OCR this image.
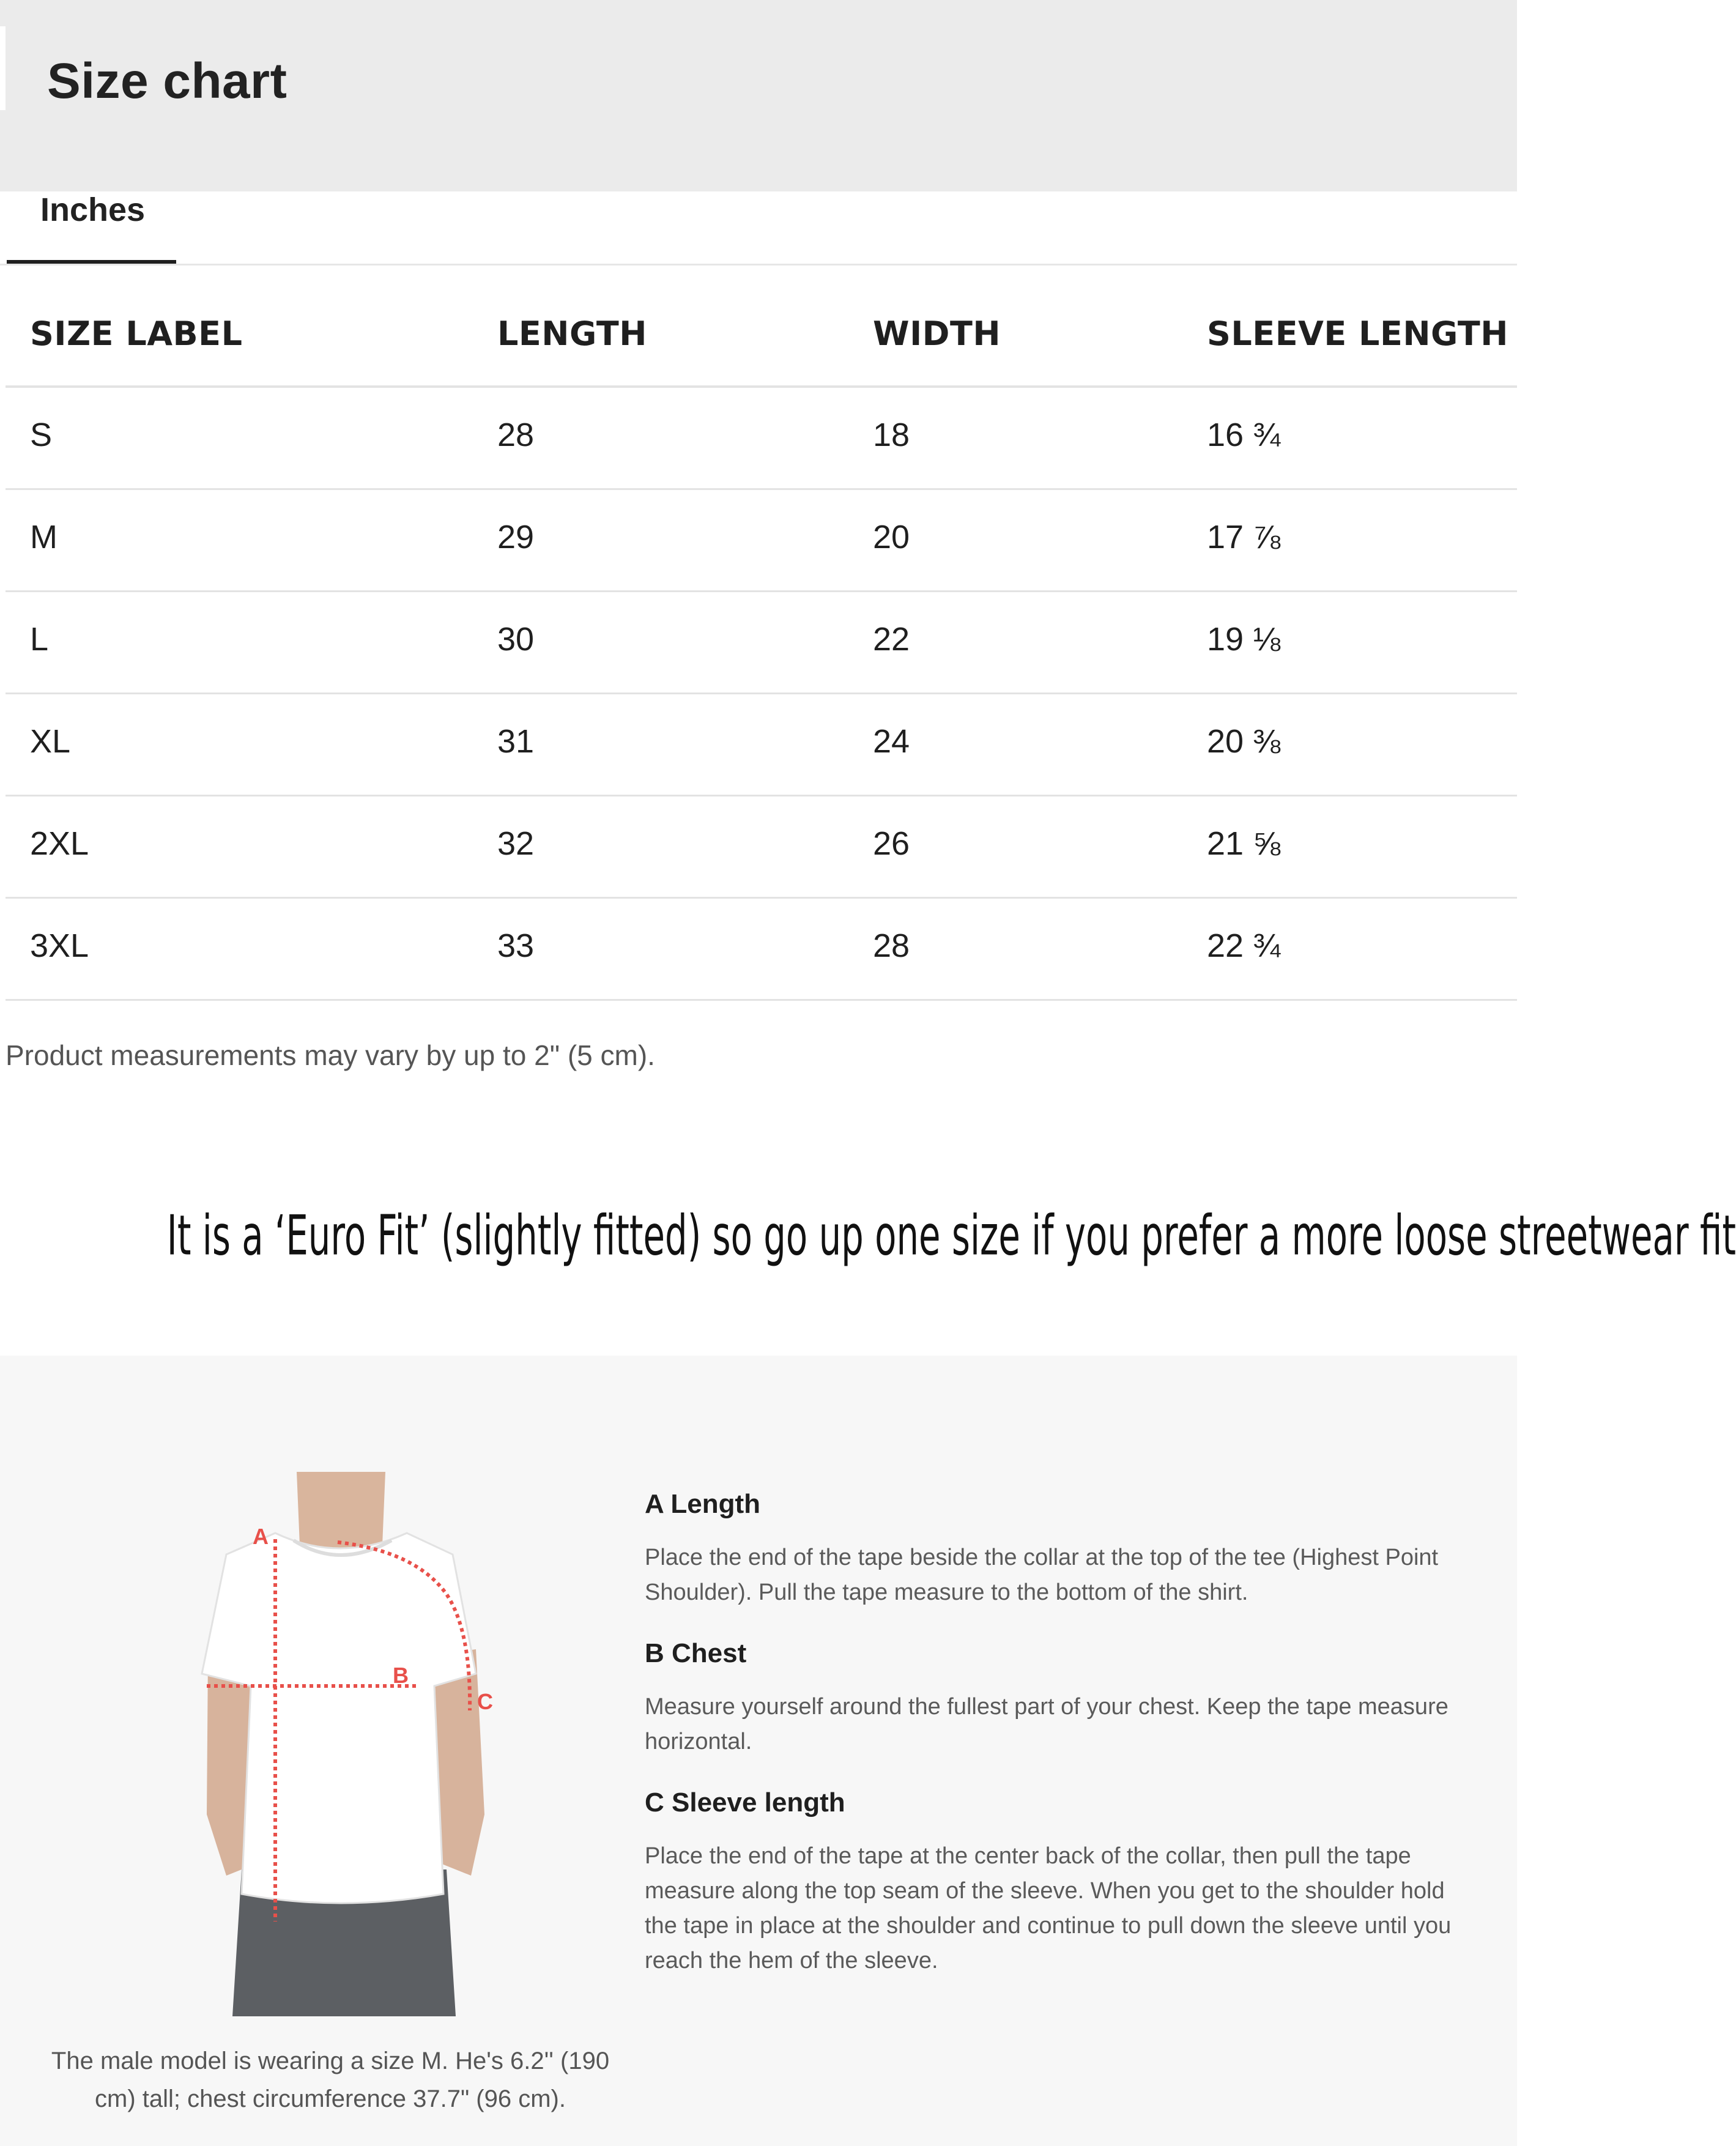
Size chart
Inches
SIZE LABEL	LENGTH	WIDTH	SLEEVE LENGTH
S	28	18	16 ¾
M	29	20	17 ⅞
L	30	22	19 ⅛
XL	31	24	20 ⅜
2XL	32	26	21 ⅝
3XL	33	28	22 ¾
Product measurements may vary by up to 2" (5 cm).
It is a ‘Euro Fit’ (slightly fitted) so go up one size if you prefer a more loose streetwear fit
A
B
C
The male model is wearing a size M. He's 6.2'' (190 cm) tall; chest circumference 37.7" (96 cm).
A Length

Place the end of the tape beside the collar at the top of the tee (Highest Point Shoulder). Pull the tape measure to the bottom of the shirt.

B Chest

Measure yourself around the fullest part of your chest. Keep the tape measure horizontal.

C Sleeve length

Place the end of the tape at the center back of the collar, then pull the tape measure along the top seam of the sleeve. When you get to the shoulder hold the tape in place at the shoulder and continue to pull down the sleeve until you reach the hem of the sleeve.
